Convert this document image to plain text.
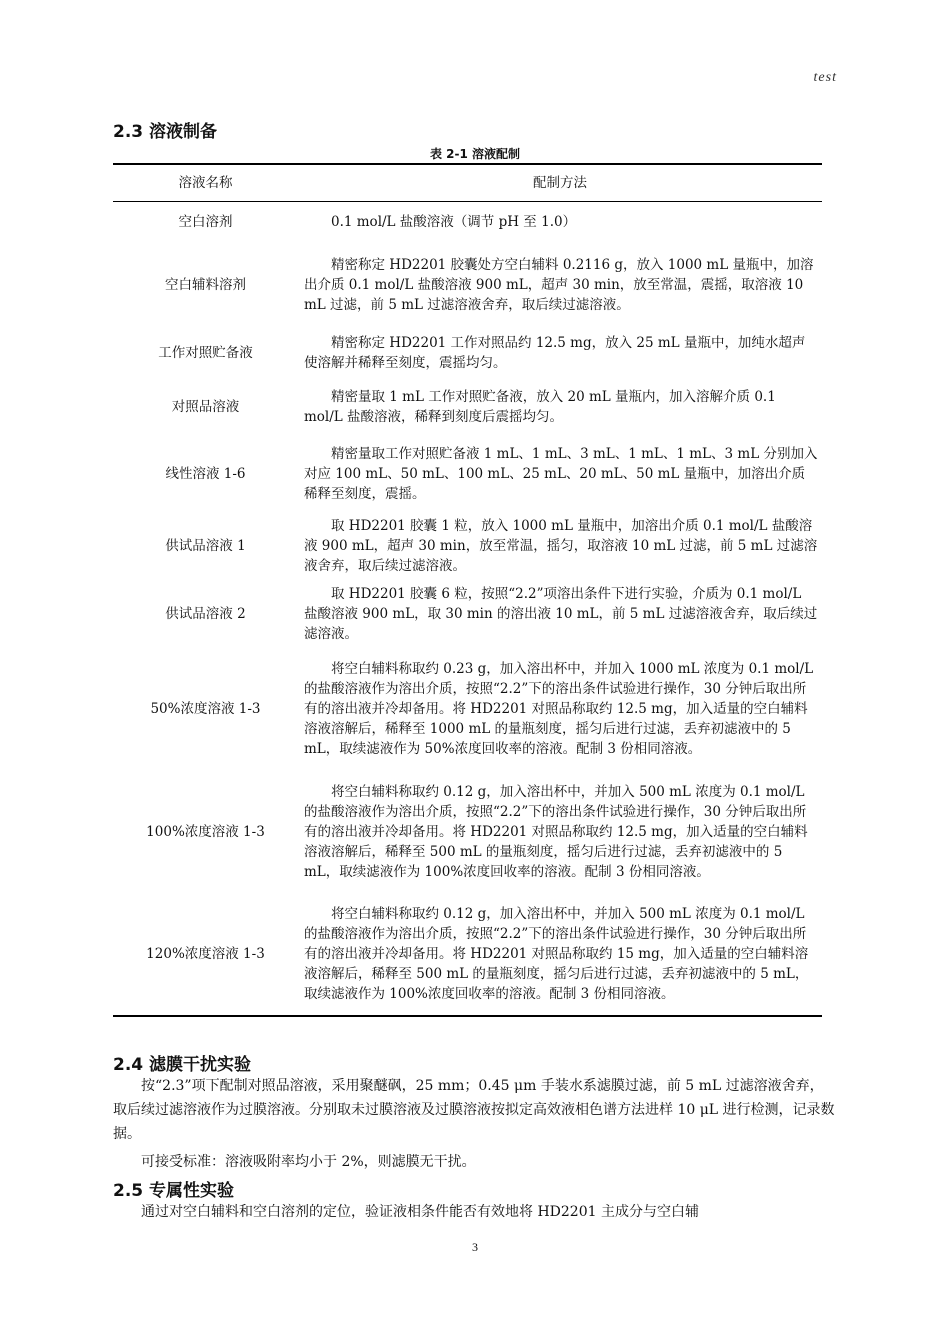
test
2.3 溶液制备
表 2-1 溶液配制
溶液名称	配制方法
空白溶剂	0.1 mol/L 盐酸溶液（调节 pH 至 1.0）
空白辅料溶剂	精密称定 HD2201 胶囊处方空白辅料 0.2116 g，放入 1000 mL 量瓶中，加溶出介质 0.1 mol/L 盐酸溶液 900 mL，超声 30 min，放至常温，震摇，取溶液 10 mL 过滤，前 5 mL 过滤溶液舍弃，取后续过滤溶液。
工作对照贮备液	精密称定 HD2201 工作对照品约 12.5 mg，放入 25 mL 量瓶中，加纯水超声使溶解并稀释至刻度，震摇均匀。
对照品溶液	精密量取 1 mL 工作对照贮备液，放入 20 mL 量瓶内，加入溶解介质 0.1 mol/L 盐酸溶液，稀释到刻度后震摇均匀。
线性溶液 1-6	精密量取工作对照贮备液 1 mL、1 mL、3 mL、1 mL、1 mL、3 mL 分别加入对应 100 mL、50 mL、100 mL、25 mL、20 mL、50 mL 量瓶中，加溶出介质稀释至刻度，震摇。
供试品溶液 1	取 HD2201 胶囊 1 粒，放入 1000 mL 量瓶中，加溶出介质 0.1 mol/L 盐酸溶液 900 mL，超声 30 min，放至常温，摇匀，取溶液 10 mL 过滤，前 5 mL 过滤溶液舍弃，取后续过滤溶液。
供试品溶液 2	取 HD2201 胶囊 6 粒，按照“2.2”项溶出条件下进行实验，介质为 0.1 mol/L 盐酸溶液 900 mL，取 30 min 的溶出液 10 mL，前 5 mL 过滤溶液舍弃，取后续过滤溶液。
50%浓度溶液 1-3	将空白辅料称取约 0.23 g，加入溶出杯中，并加入 1000 mL 浓度为 0.1 mol/L 的盐酸溶液作为溶出介质，按照“2.2”下的溶出条件试验进行操作，30 分钟后取出所有的溶出液并冷却备用。将 HD2201 对照品称取约 12.5 mg，加入适量的空白辅料溶液溶解后，稀释至 1000 mL 的量瓶刻度，摇匀后进行过滤，丢弃初滤液中的 5 mL，取续滤液作为 50%浓度回收率的溶液。配制 3 份相同溶液。
100%浓度溶液 1-3	将空白辅料称取约 0.12 g，加入溶出杯中，并加入 500 mL 浓度为 0.1 mol/L 的盐酸溶液作为溶出介质，按照“2.2”下的溶出条件试验进行操作，30 分钟后取出所有的溶出液并冷却备用。将 HD2201 对照品称取约 12.5 mg，加入适量的空白辅料溶液溶解后，稀释至 500 mL 的量瓶刻度，摇匀后进行过滤，丢弃初滤液中的 5 mL，取续滤液作为 100%浓度回收率的溶液。配制 3 份相同溶液。
120%浓度溶液 1-3	将空白辅料称取约 0.12 g，加入溶出杯中，并加入 500 mL 浓度为 0.1 mol/L 的盐酸溶液作为溶出介质，按照“2.2”下的溶出条件试验进行操作，30 分钟后取出所有的溶出液并冷却备用。将 HD2201 对照品称取约 15 mg，加入适量的空白辅料溶液溶解后，稀释至 500 mL 的量瓶刻度，摇匀后进行过滤，丢弃初滤液中的 5 mL，取续滤液作为 100%浓度回收率的溶液。配制 3 份相同溶液。
2.4 滤膜干扰实验
按“2.3”项下配制对照品溶液，采用聚醚砜，25 mm；0.45 μm 手装水系滤膜过滤，前 5 mL 过滤溶液舍弃，取后续过滤溶液作为过膜溶液。分别取未过膜溶液及过膜溶液按拟定高效液相色谱方法进样 10 μL 进行检测，记录数据。
可接受标准：溶液吸附率均小于 2%，则滤膜无干扰。
2.5 专属性实验
通过对空白辅料和空白溶剂的定位，验证液相条件能否有效地将 HD2201 主成分与空白辅
3
